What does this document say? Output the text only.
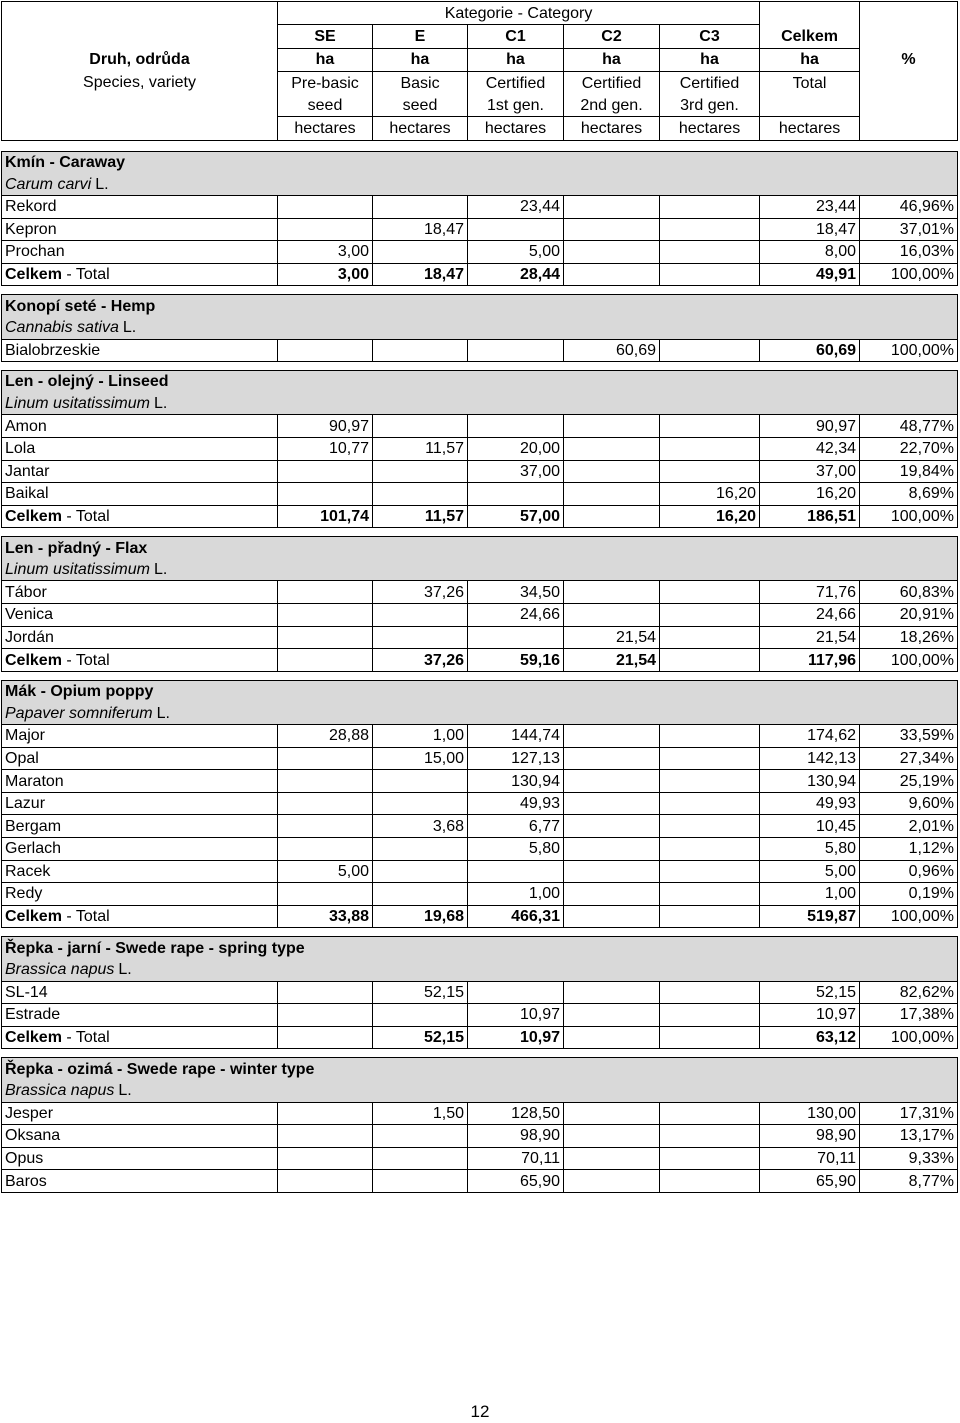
	Kategorie - Category						
	SE	E	C1	C2	C3	Celkem	
Druh, odrůda	ha	ha	ha	ha	ha	ha	%
Species, variety	Pre-basic	Basic	Certified	Certified	Certified	Total	
	seed	seed	1st gen.	2nd gen.	3rd gen.		
	hectares	hectares	hectares	hectares	hectares	hectares	

Kmín - Caraway							
Carum carvi L.							
Rekord			23,44			23,44	46,96%
Kepron		18,47				18,47	37,01%
Prochan	3,00		5,00			8,00	16,03%
Celkem - Total	3,00	18,47	28,44			49,91	100,00%

Konopí seté - Hemp							
Cannabis sativa L.							
Bialobrzeskie				60,69		60,69	100,00%

Len - olejný - Linseed							
Linum usitatissimum L.							
Amon	90,97					90,97	48,77%
Lola	10,77	11,57	20,00			42,34	22,70%
Jantar			37,00			37,00	19,84%
Baikal					16,20	16,20	8,69%
Celkem - Total	101,74	11,57	57,00		16,20	186,51	100,00%

Len - přadný - Flax							
Linum usitatissimum L.							
Tábor		37,26	34,50			71,76	60,83%
Venica			24,66			24,66	20,91%
Jordán				21,54		21,54	18,26%
Celkem - Total		37,26	59,16	21,54		117,96	100,00%

Mák - Opium poppy							
Papaver somniferum L.							
Major	28,88	1,00	144,74			174,62	33,59%
Opal		15,00	127,13			142,13	27,34%
Maraton			130,94			130,94	25,19%
Lazur			49,93			49,93	9,60%
Bergam		3,68	6,77			10,45	2,01%
Gerlach			5,80			5,80	1,12%
Racek	5,00					5,00	0,96%
Redy			1,00			1,00	0,19%
Celkem - Total	33,88	19,68	466,31			519,87	100,00%

Řepka - jarní - Swede rape - spring type							
Brassica napus L.							
SL-14		52,15				52,15	82,62%
Estrade			10,97			10,97	17,38%
Celkem - Total		52,15	10,97			63,12	100,00%

Řepka - ozimá - Swede rape - winter type							
Brassica napus L.							
Jesper		1,50	128,50			130,00	17,31%
Oksana			98,90			98,90	13,17%
Opus			70,11			70,11	9,33%
Baros			65,90			65,90	8,77%
12
